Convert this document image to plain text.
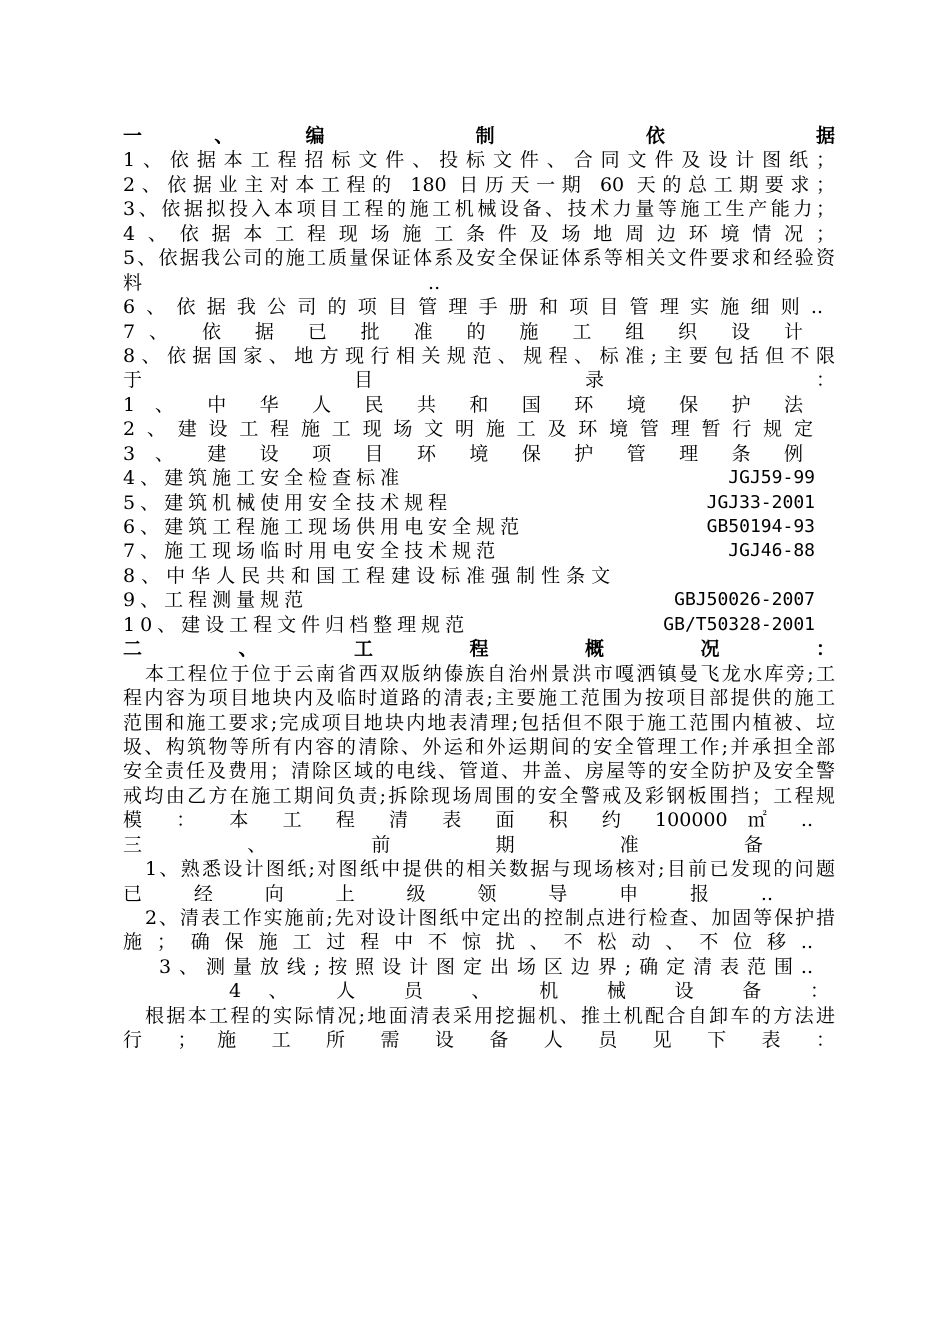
一、编 制 依 据
1、依据本工程招标文件、投标文件、合同文件及设计图纸；
2、依据业主对本工程的 180 日历天一期 60 天的总工期要求；
3、依据拟投入本项目工程的施工机械设备、技术力量等施工生产能力；
4、依据本工程现场施工条件及场地周边环境情况；
5、依据我公司的施工质量保证体系及安全保证体系等相关文件要求和经验资
料 ..
6、依据我公司的项目管理手册和项目管理实施细则..
7、 依 据 已 批 准 的 施 工 组 织 设 计
8、依据国家、地方现行相关规范、规程、标准;主要包括但不限
于 目 录 ：
1 、 中 华 人 民 共 和 国 环 境 保 护 法
2、建设工程施工现场文明施工及环境管理暂行规定
3 、 建 设 项 目 环 境 保 护 管 理 条 例
4、建筑施工安全检查标准	JGJ59-99
5、建筑机械使用安全技术规程	JGJ33-2001
6、建筑工程施工现场供用电安全规范	GB50194-93
7、施工现场临时用电安全技术规范	JGJ46-88
8、中华人民共和国工程建设标准强制性条文
9、工程测量规范	GBJ50026-2007
10、建设工程文件归档整理规范	GB/T50328-2001
二 、 工 程 概 况 ：
本工程位于位于云南省西双版纳傣族自治州景洪市嘎洒镇曼飞龙水库旁;工
程内容为项目地块内及临时道路的清表;主要施工范围为按项目部提供的施工
范围和施工要求;完成项目地块内地表清理;包括但不限于施工范围内植被、垃
圾、构筑物等所有内容的清除、外运和外运期间的安全管理工作;并承担全部
安全责任及费用；清除区域的电线、管道、井盖、房屋等的安全防护及安全警
戒均由乙方在施工期间负责;拆除现场周围的安全警戒及彩钢板围挡；工程规
模 ： 本 工 程 清 表 面 积 约 100000 ㎡ ..
三 、 前 期 准 备
1、熟悉设计图纸;对图纸中提供的相关数据与现场核对;目前已发现的问题
已 经 向 上 级 领 导 申 报 ..
2、清表工作实施前;先对设计图纸中定出的控制点进行检查、加固等保护措
施；确保施工过程中不惊扰、不松动、不位移..
3、测量放线;按照设计图定出场区边界;确定清表范围..
4 、 人 员 、 机 械 设 备 ：
根据本工程的实际情况;地面清表采用挖掘机、推土机配合自卸车的方法进
行 ； 施 工 所 需 设 备 人 员 见 下 表 ：
